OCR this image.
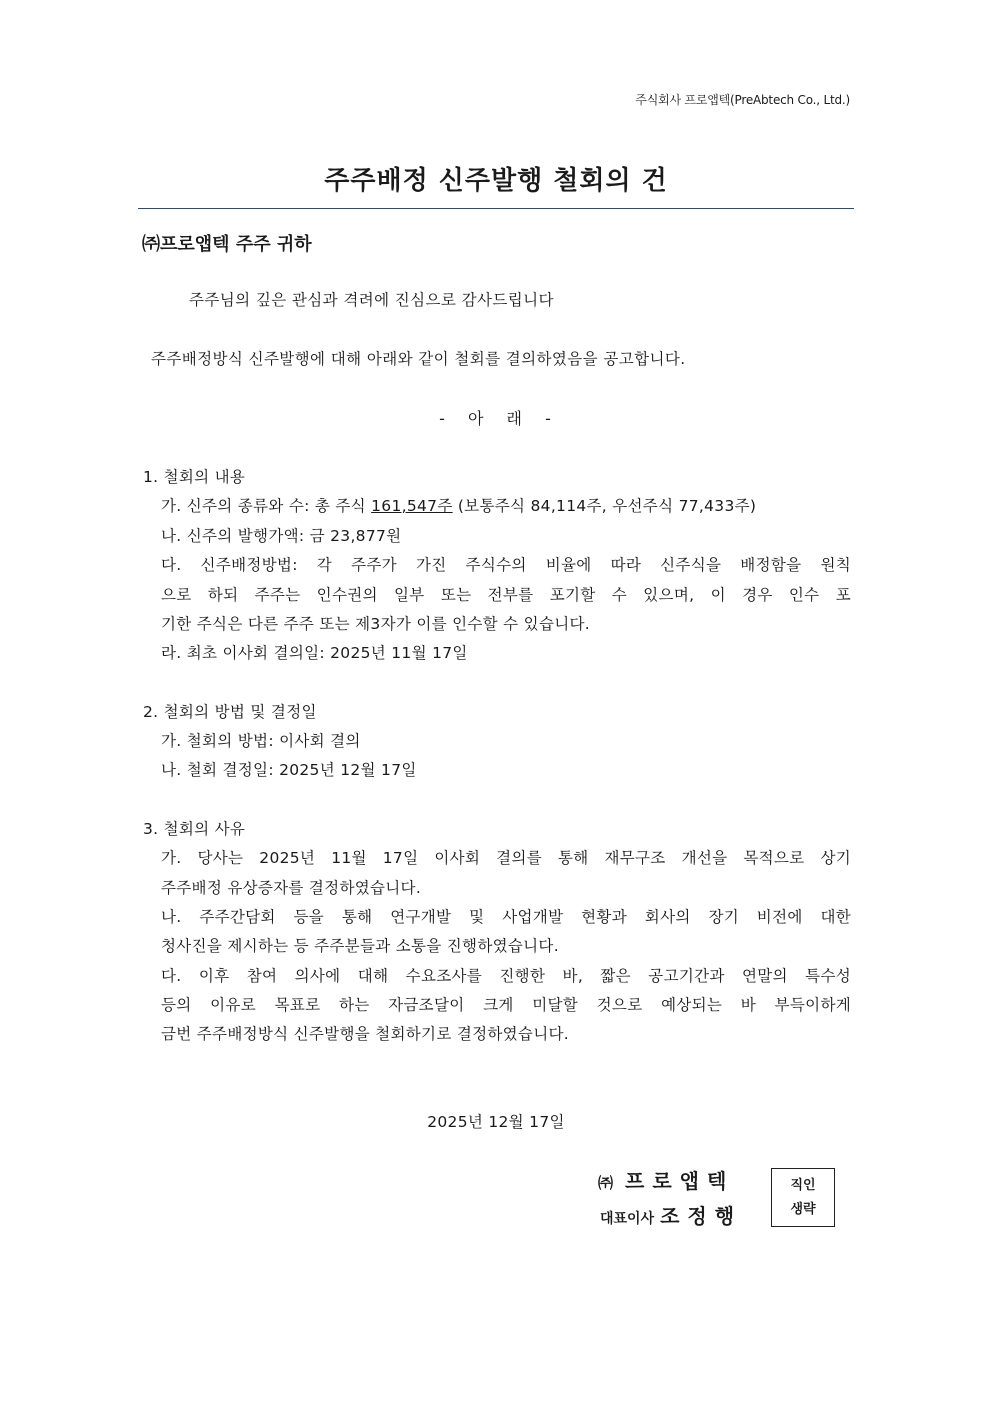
주식회사 프로앱텍(PreAbtech Co., Ltd.)
주주배정 신주발행 철회의 건
㈜프로앱텍 주주 귀하
주주님의 깊은 관심과 격려에 진심으로 감사드립니다
주주배정방식 신주발행에 대해 아래와 같이 철회를 결의하였음을 공고합니다.
- 아 래 -
1. 철회의 내용
가. 신주의 종류와 수: 총 주식 161,547주 (보통주식 84,114주, 우선주식 77,433주)
나. 신주의 발행가액: 금 23,877원
다. 신주배정방법: 각 주주가 가진 주식수의 비율에 따라 신주식을 배정함을 원칙
으로 하되 주주는 인수권의 일부 또는 전부를 포기할 수 있으며, 이 경우 인수 포
기한 주식은 다른 주주 또는 제3자가 이를 인수할 수 있습니다.
라. 최초 이사회 결의일: 2025년 11월 17일
2. 철회의 방법 및 결정일
가. 철회의 방법: 이사회 결의
나. 철회 결정일: 2025년 12월 17일
3. 철회의 사유
가. 당사는 2025년 11월 17일 이사회 결의를 통해 재무구조 개선을 목적으로 상기
주주배정 유상증자를 결정하였습니다.
나. 주주간담회 등을 통해 연구개발 및 사업개발 현황과 회사의 장기 비전에 대한
청사진을 제시하는 등 주주분들과 소통을 진행하였습니다.
다. 이후 참여 의사에 대해 수요조사를 진행한 바, 짧은 공고기간과 연말의 특수성
등의 이유로 목표로 하는 자금조달이 크게 미달할 것으로 예상되는 바 부득이하게
금번 주주배정방식 신주발행을 철회하기로 결정하였습니다.
2025년 12월 17일
㈜ 프로앱텍
대표이사 조정행
직인
생략
